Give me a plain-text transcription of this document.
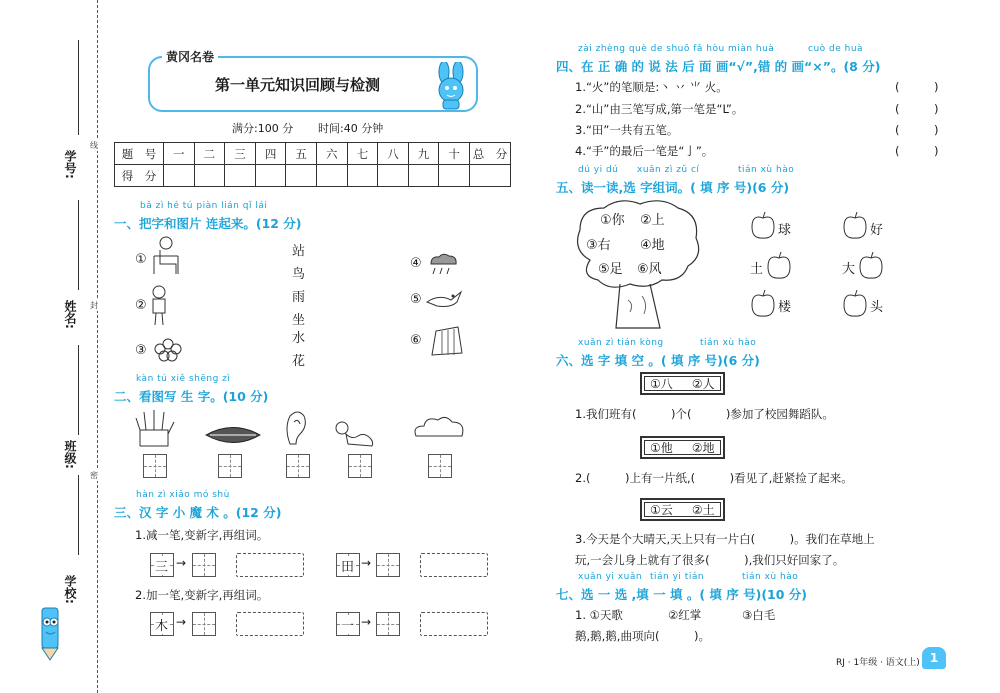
学号:
姓名:
班级:
学校:
线
封
密
黄冈名卷
第一单元知识回顾与检测
满分:100 分 时间:40 分钟
题　号	一	二	三	四	五	六	七	八	九	十	总　分
得　分											
bǎ zì hé tú piàn lián qǐ lái
一、把字和图片 连起来。(12 分)
①
②
③
站
鸟
雨
坐
水
花
④
⑤
⑥
kàn tú xiě shēng zì
二、看图写 生 字。(10 分)
hàn zì xiǎo mó shù
三、汉 字 小 魔 术 。(12 分)
1.减一笔,变新字,再组词。
三 →	田 →
2.加一笔,变新字,再组词。
木 →	一 →
zài zhèng què de shuō fǎ hòu miàn huà	cuò de huà
四、在 正 确 的 说 法 后 面 画“√”,错 的 画“×”。(8 分)
1.“火”的笔顺是:丶 丷 ⺌ 火。	(　　　)
2.“山”由三笔写成,第一笔是“L”。	(　　　)
3.“田”一共有五笔。	(　　　)
4.“手”的最后一笔是“亅”。	(　　　)
dú yi dú xuǎn zì zǔ cí	tián xù hào
五、读一读,选 字组词。( 填 序 号)(6 分)
①你 ②上
③右 ④地
⑤足 ⑥风
球	好
土	大
楼	头
xuǎn zì tián kòng	tián xù hào
六、选 字 填 空 。( 填 序 号)(6 分)
①八 ②人
1.我们班有(　　　)个(　　　)参加了校园舞蹈队。
①他 ②地
2.(　　　)上有一片纸,(　　　)看见了,赶紧捡了起来。
①云 ②土
3.今天是个大晴天,天上只有一片白(　　　)。我们在草地上
玩,一会儿身上就有了很多(　　　),我们只好回家了。
xuǎn yi xuǎn tián yi tián	tián xù hào
七、选 一 选 ,填 一 填 。( 填 序 号)(10 分)
1. ①天歌	②红掌	③白毛
鹅,鹅,鹅,曲项向(　　　)。
RJ · 1年级 · 语文(上) 1
